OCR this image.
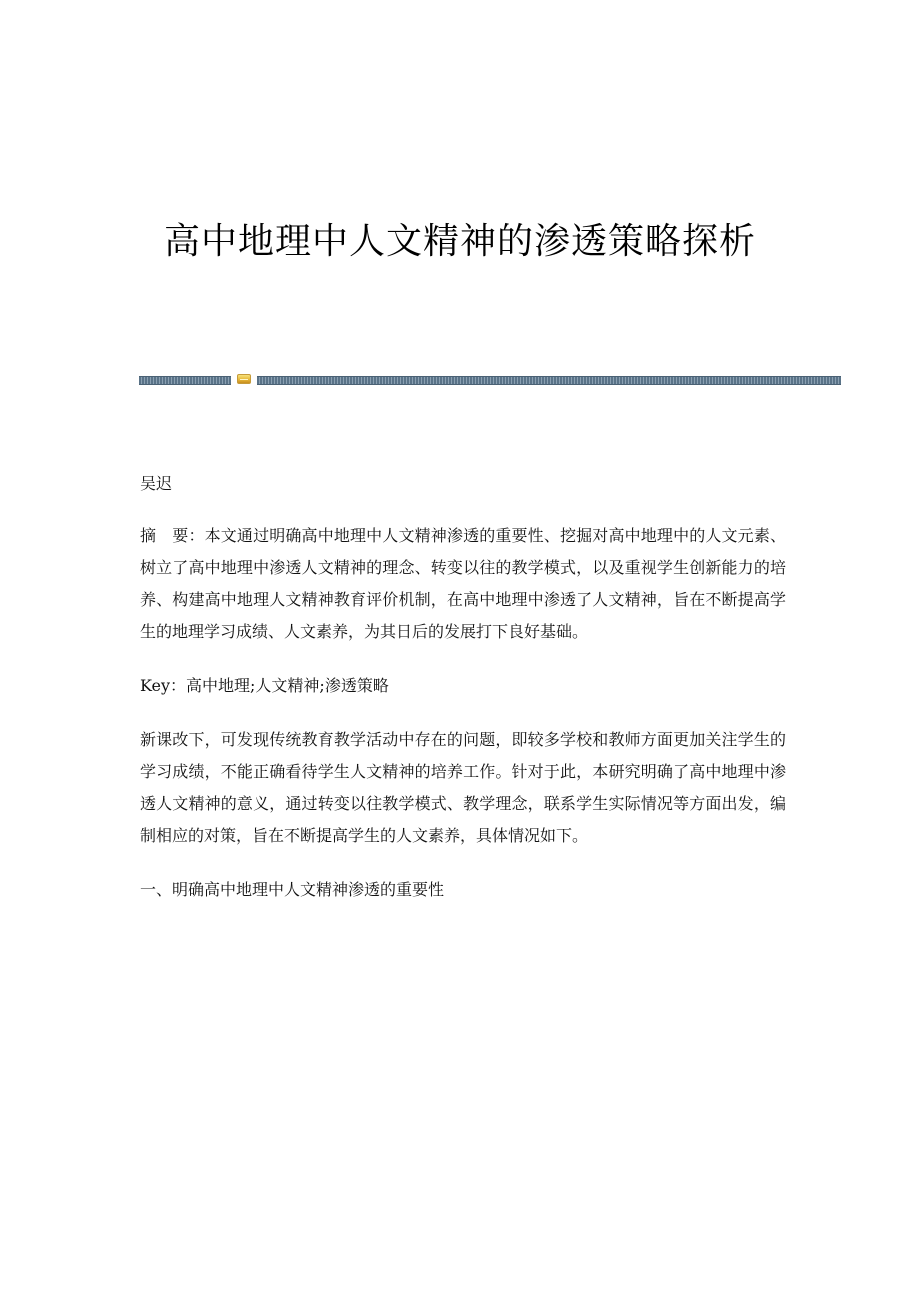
高中地理中人文精神的渗透策略探析

吴迟

摘　要：本文通过明确高中地理中人文精神渗透的重要性、挖掘对高中地理中的人文元素、树立了高中地理中渗透人文精神的理念、转变以往的教学模式，以及重视学生创新能力的培养、构建高中地理人文精神教育评价机制，在高中地理中渗透了人文精神，旨在不断提高学生的地理学习成绩、人文素养，为其日后的发展打下良好基础。

Key：高中地理;人文精神;渗透策略

新课改下，可发现传统教育教学活动中存在的问题，即较多学校和教师方面更加关注学生的学习成绩，不能正确看待学生人文精神的培养工作。针对于此，本研究明确了高中地理中渗透人文精神的意义，通过转变以往教学模式、教学理念，联系学生实际情况等方面出发，编制相应的对策，旨在不断提高学生的人文素养，具体情况如下。

一、明确高中地理中人文精神渗透的重要性
